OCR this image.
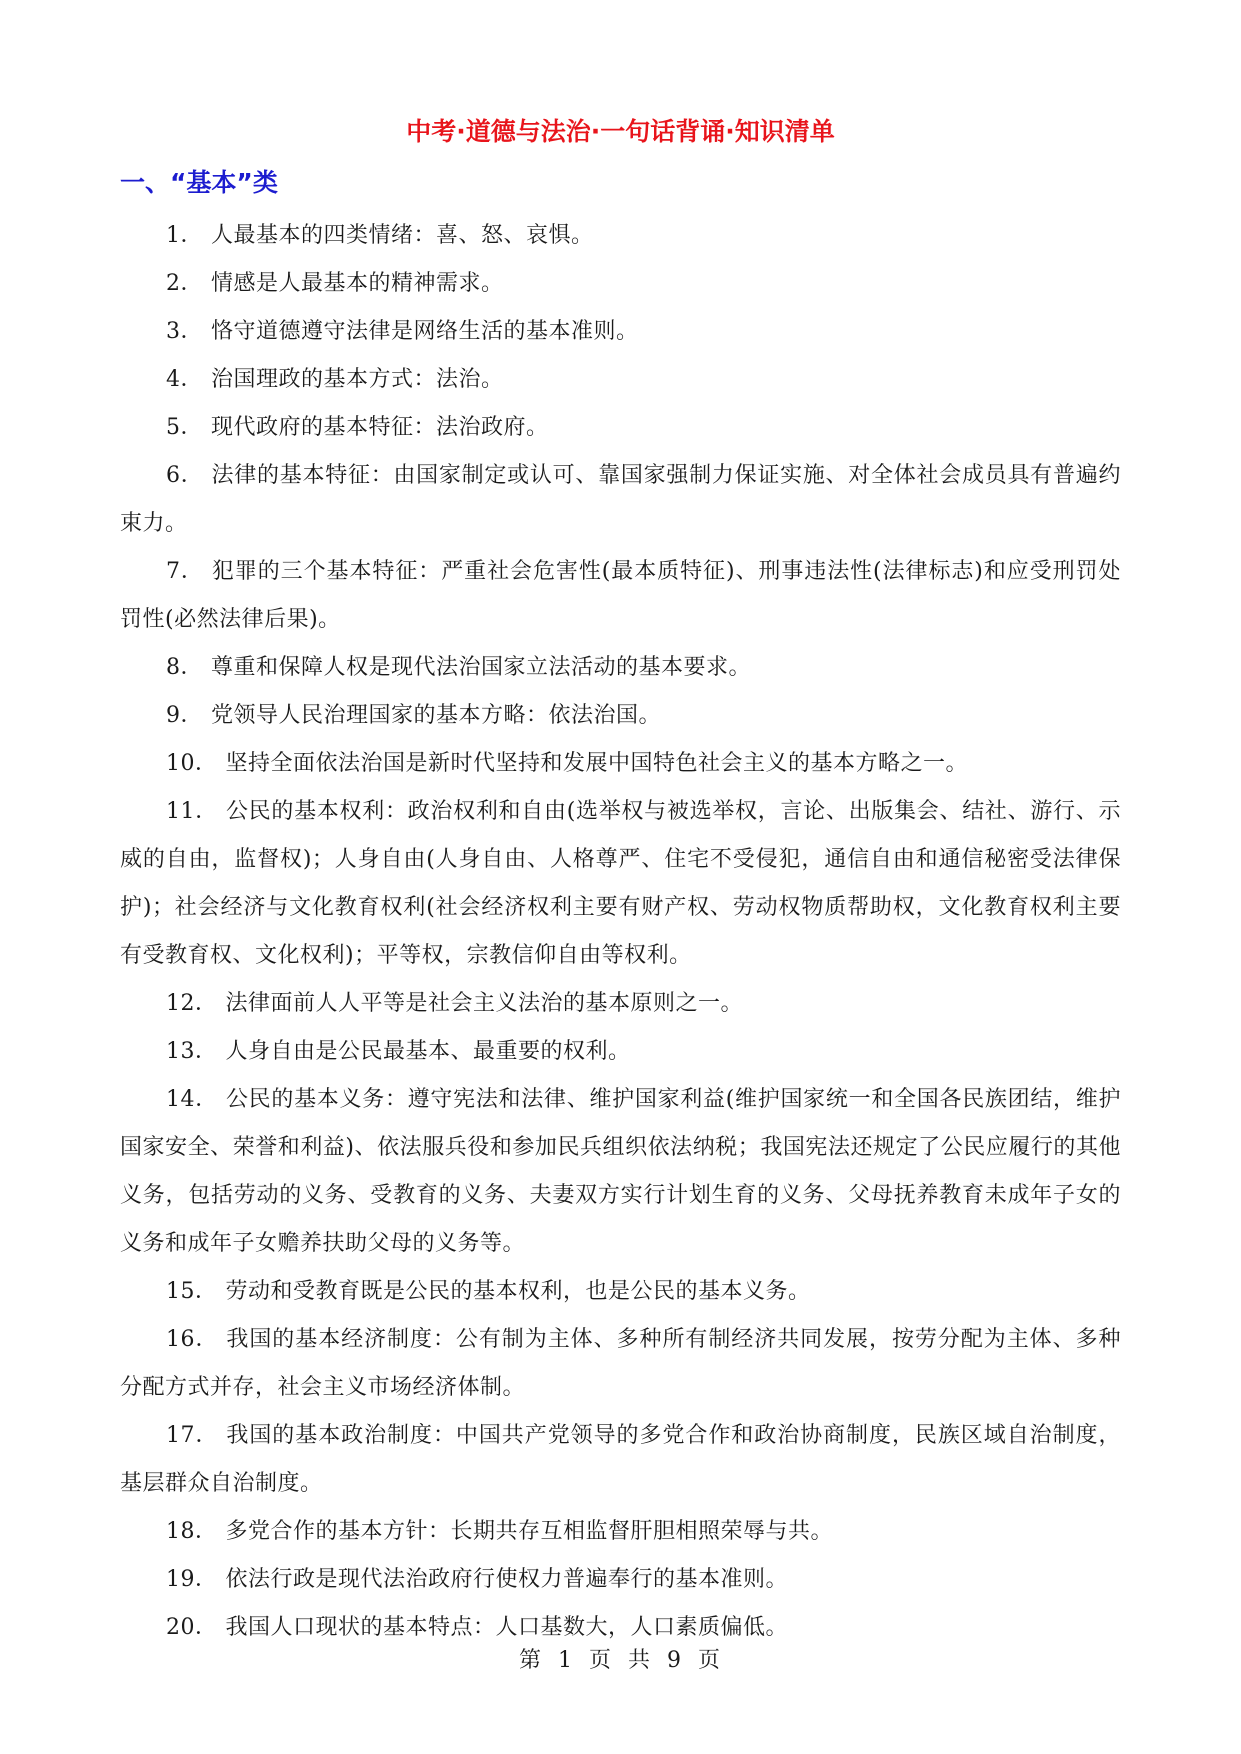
中考·道德与法治·一句话背诵·知识清单
一、“基本”类
1． 人最基本的四类情绪：喜、怒、哀惧。
2． 情感是人最基本的精神需求。
3． 恪守道德遵守法律是网络生活的基本准则。
4． 治国理政的基本方式：法治。
5． 现代政府的基本特征：法治政府。
6． 法律的基本特征：由国家制定或认可、靠国家强制力保证实施、对全体社会成员具有普遍约束力。
7． 犯罪的三个基本特征：严重社会危害性(最本质特征)、刑事违法性(法律标志)和应受刑罚处罚性(必然法律后果)。
8． 尊重和保障人权是现代法治国家立法活动的基本要求。
9． 党领导人民治理国家的基本方略：依法治国。
10． 坚持全面依法治国是新时代坚持和发展中国特色社会主义的基本方略之一。
11． 公民的基本权利：政治权利和自由(选举权与被选举权，言论、出版集会、结社、游行、示威的自由，监督权)；人身自由(人身自由、人格尊严、住宅不受侵犯，通信自由和通信秘密受法律保护)；社会经济与文化教育权利(社会经济权利主要有财产权、劳动权物质帮助权，文化教育权利主要有受教育权、文化权利)；平等权，宗教信仰自由等权利。
12． 法律面前人人平等是社会主义法治的基本原则之一。
13． 人身自由是公民最基本、最重要的权利。
14． 公民的基本义务：遵守宪法和法律、维护国家利益(维护国家统一和全国各民族团结，维护国家安全、荣誉和利益)、依法服兵役和参加民兵组织依法纳税；我国宪法还规定了公民应履行的其他义务，包括劳动的义务、受教育的义务、夫妻双方实行计划生育的义务、父母抚养教育未成年子女的义务和成年子女赡养扶助父母的义务等。
15． 劳动和受教育既是公民的基本权利，也是公民的基本义务。
16． 我国的基本经济制度：公有制为主体、多种所有制经济共同发展，按劳分配为主体、多种分配方式并存，社会主义市场经济体制。
17． 我国的基本政治制度：中国共产党领导的多党合作和政治协商制度，民族区域自治制度，基层群众自治制度。
18． 多党合作的基本方针：长期共存互相监督肝胆相照荣辱与共。
19． 依法行政是现代法治政府行使权力普遍奉行的基本准则。
20． 我国人口现状的基本特点：人口基数大，人口素质偏低。
第 1 页 共 9 页
